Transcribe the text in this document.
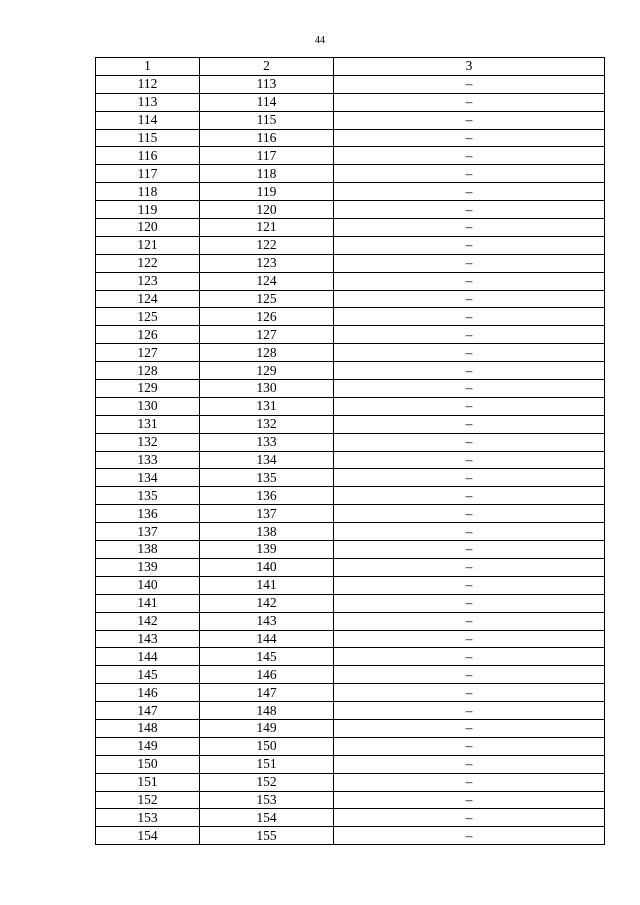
44
1	2	3
112	113	–
113	114	–
114	115	–
115	116	–
116	117	–
117	118	–
118	119	–
119	120	–
120	121	–
121	122	–
122	123	–
123	124	–
124	125	–
125	126	–
126	127	–
127	128	–
128	129	–
129	130	–
130	131	–
131	132	–
132	133	–
133	134	–
134	135	–
135	136	–
136	137	–
137	138	–
138	139	–
139	140	–
140	141	–
141	142	–
142	143	–
143	144	–
144	145	–
145	146	–
146	147	–
147	148	–
148	149	–
149	150	–
150	151	–
151	152	–
152	153	–
153	154	–
154	155	–
